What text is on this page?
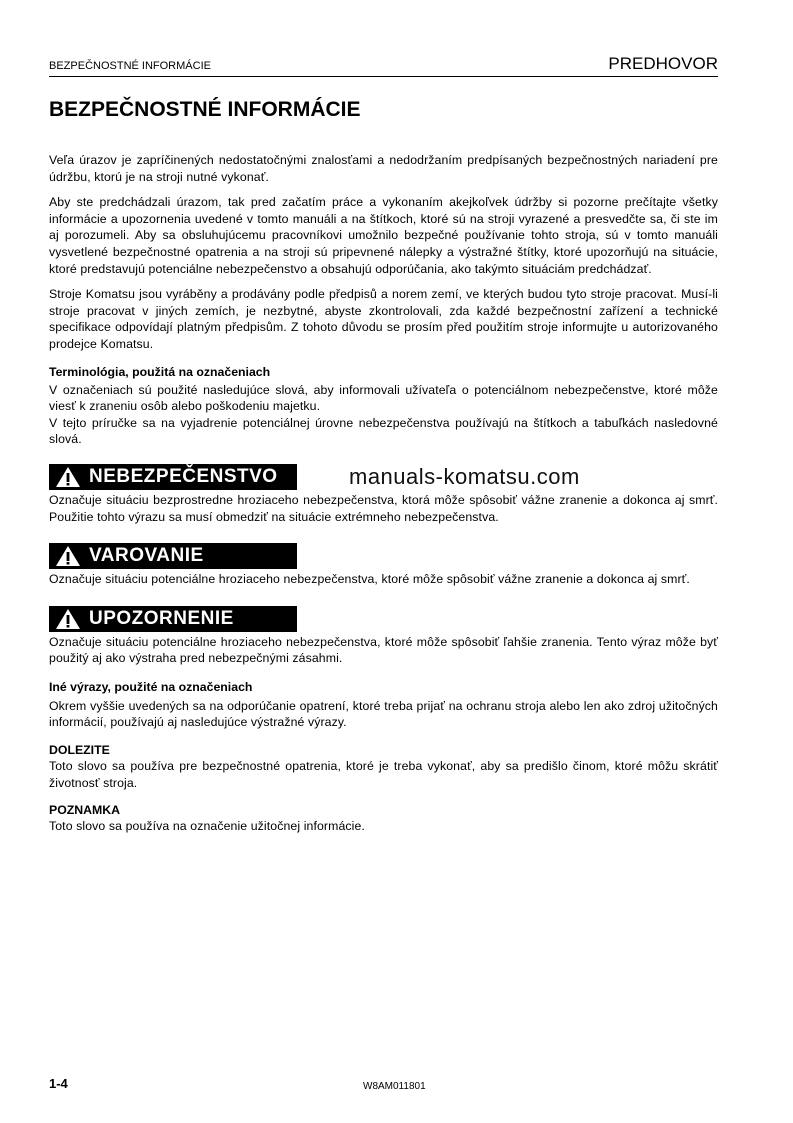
BEZPEČNOSTNÉ INFORMÁCIE	PREDHOVOR
BEZPEČNOSTNÉ INFORMÁCIE

Veľa úrazov je zapríčinených nedostatočnými znalosťami a nedodržaním predpísaných bezpečnostných nariadení pre údržbu, ktorú je na stroji nutné vykonať.

Aby ste predchádzali úrazom, tak pred začatím práce a vykonaním akejkoľvek údržby si pozorne prečítajte všetky informácie a upozornenia uvedené v tomto manuáli a na štítkoch, ktoré sú na stroji vyrazené a presvedčte sa, či ste im aj porozumeli. Aby sa obsluhujúcemu pracovníkovi umožnilo bezpečné používanie tohto stroja, sú v tomto manuáli vysvetlené bezpečnostné opatrenia a na stroji sú pripevnené nálepky a výstražné štítky, ktoré upozorňujú na situácie, ktoré predstavujú potenciálne nebezpečenstvo a obsahujú odporúčania, ako takýmto situáciám predchádzať.

Stroje Komatsu jsou vyráběny a prodávány podle předpisů a norem zemí, ve kterých budou tyto stroje pracovat. Musí-li stroje pracovat v jiných zemích, je nezbytné, abyste zkontrolovali, zda každé bezpečnostní zařízení a technické specifikace odpovídají platným předpisům. Z tohoto důvodu se prosím před použitím stroje informujte u autorizovaného prodejce Komatsu.

Terminológia, použitá na označeniach

V označeniach sú použité nasledujúce slová, aby informovali užívateľa o potenciálnom nebezpečenstve, ktoré môže viesť k zraneniu osôb alebo poškodeniu majetku.

V tejto príručke sa na vyjadrenie potenciálnej úrovne nebezpečenstva používajú na štítkoch a tabuľkách nasledovné slová.

NEBEZPEČENSTVO	manuals-komatsu.com

Označuje situáciu bezprostredne hroziaceho nebezpečenstva, ktorá môže spôsobiť vážne zranenie a dokonca aj smrť. Použitie tohto výrazu sa musí obmedziť na situácie extrémneho nebezpečenstva.

VAROVANIE

Označuje situáciu potenciálne hroziaceho nebezpečenstva, ktoré môže spôsobiť vážne zranenie a dokonca aj smrť.

UPOZORNENIE

Označuje situáciu potenciálne hroziaceho nebezpečenstva, ktoré môže spôsobiť ľahšie zranenia. Tento výraz môže byť použitý aj ako výstraha pred nebezpečnými zásahmi.

Iné výrazy, použité na označeniach

Okrem vyššie uvedených sa na odporúčanie opatrení, ktoré treba prijať na ochranu stroja alebo len ako zdroj užitočných informácií, používajú aj nasledujúce výstražné výrazy.

DOLEZITE

Toto slovo sa používa pre bezpečnostné opatrenia, ktoré je treba vykonať, aby sa predišlo činom, ktoré môžu skrátiť životnosť stroja.

POZNAMKA

Toto slovo sa používa na označenie užitočnej informácie.

1-4	W8AM011801
